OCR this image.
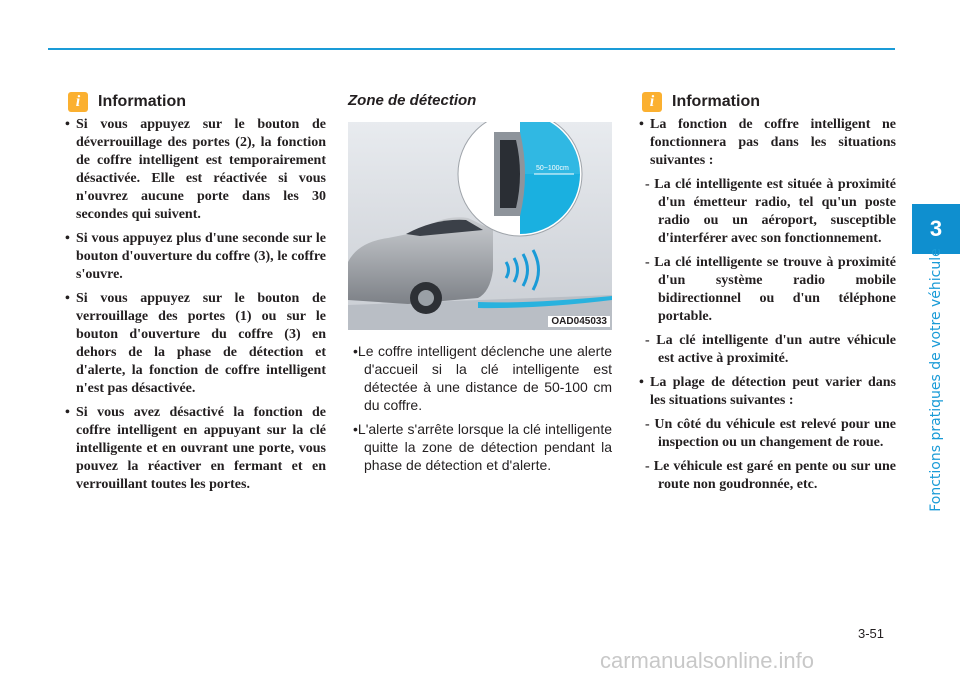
3
Fonctions pratiques de votre véhicule
i	Information

• Si vous appuyez sur le bouton de déverrouillage des portes (2), la fonction de coffre intelligent est temporairement désactivée. Elle est réactivée si vous n'ouvrez aucune porte dans les 30 secondes qui suivent.

• Si vous appuyez plus d'une seconde sur le bouton d'ouverture du coffre (3), le coffre s'ouvre.

• Si vous appuyez sur le bouton de verrouillage des portes (1) ou sur le bouton d'ouverture du coffre (3) en dehors de la phase de détection et d'alerte, la fonction de coffre intelligent n'est pas désactivée.

• Si vous avez désactivé la fonction de coffre intelligent en appuyant sur la clé intelligente et en ouvrant une porte, vous pouvez la réactiver en fermant et en verrouillant toutes les portes.

Zone de détection
50~100cm
OAD045033

•Le coffre intelligent déclenche une alerte d'accueil si la clé intelligente est détectée à une distance de 50-100 cm du coffre.

•L'alerte s'arrête lorsque la clé intelligente quitte la zone de détection pendant la phase de détection et d'alerte.

i	Information

• La fonction de coffre intelligent ne fonctionnera pas dans les situations suivantes :

- La clé intelligente est située à proximité d'un émetteur radio, tel qu'un poste radio ou un aéroport, susceptible d'interférer avec son fonctionnement.

- La clé intelligente se trouve à proximité d'un système radio mobile bidirectionnel ou d'un téléphone portable.

- La clé intelligente d'un autre véhicule est active à proximité.

• La plage de détection peut varier dans les situations suivantes :

- Un côté du véhicule est relevé pour une inspection ou un changement de roue.

- Le véhicule est garé en pente ou sur une route non goudronnée, etc.

3-51
carmanualsonline.info
